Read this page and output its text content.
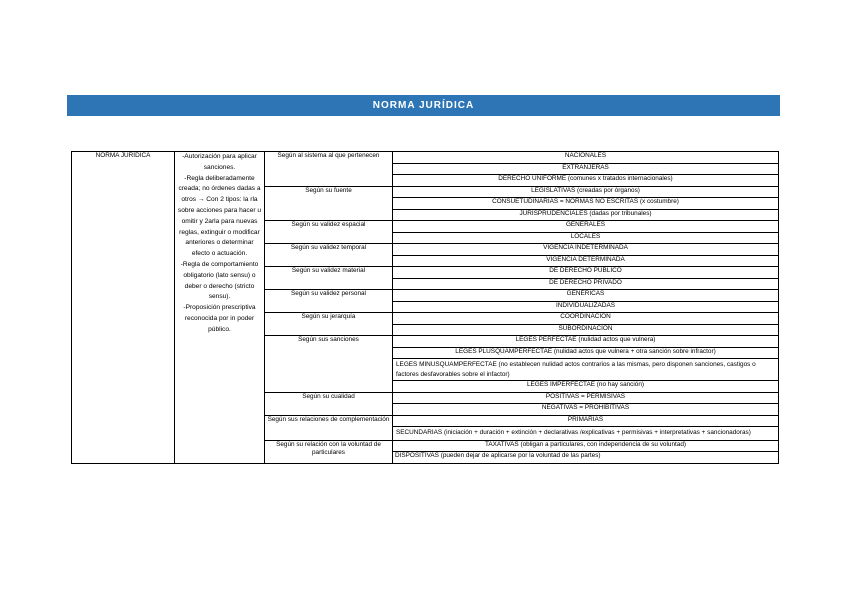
NORMA JURÍDICA
NORMA JURÍDICA	-Autorización para aplicar sanciones.
-Regla deliberadamente creada; no órdenes dadas a otros → Con 2 tipos: la rla sobre acciones para hacer u omitir y 2arla para nuevas reglas, extinguir o modificar anteriores o determinar efecto o actuación.
-Regla de comportamiento obligatorio (lato sensu) o deber o derecho (stricto sensu).
-Proposición prescriptiva reconocida por in poder público.	Según al sistema al que pertenecen	NACIONALES
			EXTRANJERAS
			DERECHO UNIFORME (comunes x tratados internacionales)
		Según su fuente	LEGISLATIVAS (creadas por órganos)
			CONSUETUDINARIAS = NORMAS NO ESCRITAS (x costumbre)
			JURISPRUDENCIALES (dadas por tribunales)
		Según su validez espacial	GENERALES
			LOCALES
		Según su validez temporal	VIGENCIA INDETERMINADA
			VIGENCIA DETERMINADA
		Según su validez material	DE DERECHO PÚBLICO
			DE DERECHO PRIVADO
		Según su validez personal	GENÉRICAS
			INDIVIDUALIZADAS
		Según su jerarquía	COORDINACIÓN
			SUBORDINACIÓN
		Según sus sanciones	LEGES PERFECTAE (nulidad actos que vulnera)
			LEGES PLUSQUAMPERFECTAE (nulidad actos que vulnera + otra sanción sobre infractor)
			LEGES MINUSQUAMPERFECTAE (no establecen nulidad actos contrarios a las mismas, pero disponen sanciones, castigos o factores desfavorables sobre el infactor)
			LEGES IMPERFECTAE (no hay sanción)
		Según su cualidad	POSITIVAS = PERMISIVAS
			NEGATIVAS = PROHIBITIVAS
		Según sus relaciones de complementación	PRIMARIAS
			SECUNDARIAS (iniciación + duración + extinción + declarativas /explicativas + permisivas + interpretativas + sancionadoras)
		Según su relación con la voluntad de particulares	TAXATIVAS (obligan a particulares, con independencia de su voluntad)
			DISPOSITIVAS (pueden dejar de aplicarse por la voluntad de las partes)
